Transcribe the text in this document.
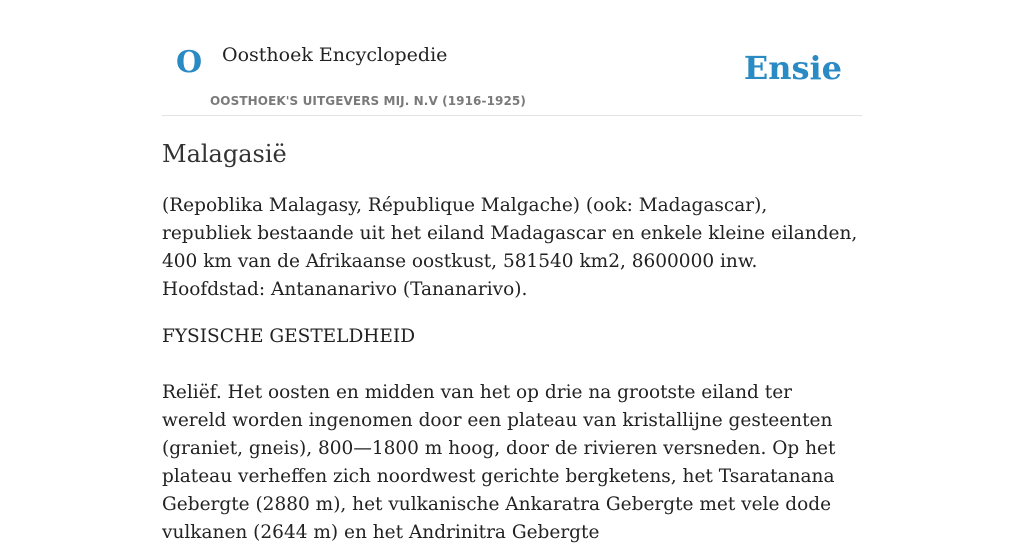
O Oosthoek Encyclopedie
OOSTHOEK'S UITGEVERS MIJ. N.V (1916-1925)
Ensie
Malagasië

(Repoblika Malagasy, République Malgache) (ook: Madagascar), republiek bestaande uit het eiland Madagascar en enkele kleine eilanden, 400 km van de Afrikaanse oostkust, 581540 km2, 8600000 inw. Hoofdstad: Antananarivo (Tananarivo).

FYSISCHE GESTELDHEID

Reliëf. Het oosten en midden van het op drie na grootste eiland ter wereld worden ingenomen door een plateau van kristallijne gesteenten (graniet, gneis), 800—1800 m hoog, door de rivieren versneden. Op het plateau verheffen zich noordwest gerichte bergketens, het Tsaratanana Gebergte (2880 m), het vulkanische Ankaratra Gebergte met vele dode vulkanen (2644 m) en het Andrinitra Gebergte
